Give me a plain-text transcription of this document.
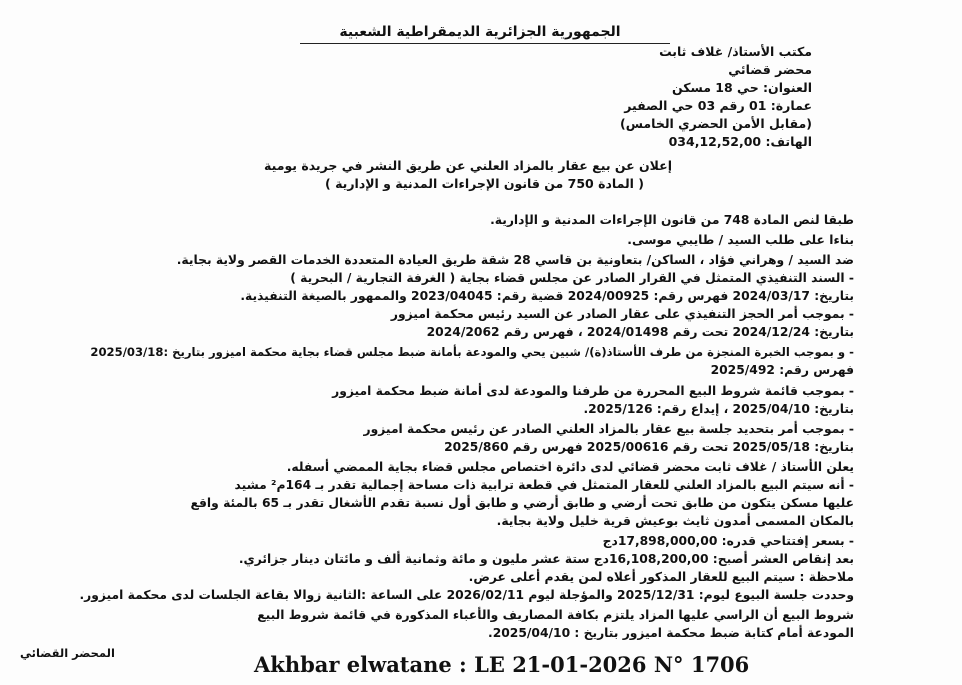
الجمهورية الجزائرية الديمقراطية الشعبية
مكتب الأستاذ/ غلاف ثابت
محضر قضائي
العنوان: حي 18 مسكن
عمارة: 01 رقم 03 حي الصفير
(مقابل الأمن الحضري الخامس)
الهاتف: 034,12,52,00
إعلان عن بيع عقار بالمزاد العلني عن طريق النشر في جريدة يومية
( المادة 750 من قانون الإجراءات المدنية و الإدارية )
طبقا لنص المادة 748 من قانون الإجراءات المدنية و الإدارية.
بناءا على طلب السيد / طايبي موسى.
ضد السيد / وهراني فؤاد ، الساكن/ بتعاونية بن قاسي 28 شقة طريق العيادة المتعددة الخدمات القصر ولاية بجاية.
- السند التنفيذي المتمثل في القرار الصادر عن مجلس قضاء بجاية ( الغرفة التجارية / البحرية )
بتاريخ: 2024/03/17 فهرس رقم: 2024/00925 قضية رقم: 2023/04045 والممهور بالصيغة التنفيذية.
- بموجب أمر الحجز التنفيذي على عقار الصادر عن السيد رئيس محكمة اميزور
بتاريخ: 2024/12/24 تحت رقم 2024/01498 ، فهرس رقم 2024/2062
- و بموجب الخبرة المنجزة من طرف الأستاذ(ة)/ شبين يحي والمودعة بأمانة ضبط مجلس قضاء بجاية محكمة اميزور بتاريخ :2025/03/18
فهرس رقم: 2025/492
- بموجب قائمة شروط البيع المحررة من طرفنا والمودعة لدى أمانة ضبط محكمة اميزور
بتاريخ: 2025/04/10 ، إيداع رقم: 2025/126.
- بموجب أمر بتحديد جلسة بيع عقار بالمزاد العلني الصادر عن رئيس محكمة اميزور
بتاريخ: 2025/05/18 تحت رقم 2025/00616 فهرس رقم 2025/860
يعلن الأستاذ / غلاف ثابت محضر قضائي لدى دائرة اختصاص مجلس قضاء بجاية الممضي أسفله.
- أنه سيتم البيع بالمزاد العلني للعقار المتمثل في قطعة ترابية ذات مساحة إجمالية تقدر بـ 164م² مشيد
عليها مسكن يتكون من طابق تحت أرضي و طابق أرضي و طابق أول نسبة تقدم الأشغال تقدر بـ 65 بالمئة واقع
بالمكان المسمى أمدون ثايث بوعيش قرية خليل ولاية بجاية.
- بسعر إفتتاحي قدره: 17,898,000,00دج
بعد إنقاص العشر أصبح: 16,108,200,00دج ستة عشر مليون و مائة وثمانية ألف و مائتان دينار جزائري.
ملاحظة : سيتم البيع للعقار المذكور أعلاه لمن يقدم أعلى عرض.
وحددت جلسة البيوع ليوم: 2025/12/31 والمؤجلة ليوم 2026/02/11 على الساعة :الثانية زوالا بقاعة الجلسات لدى محكمة اميزور.
شروط البيع أن الراسي عليها المزاد يلتزم بكافة المصاريف والأعباء المذكورة في قائمة شروط البيع
المودعة أمام كتابة ضبط محكمة اميزور بتاريخ : 2025/04/10.
المحضر القضائي	Akhbar elwatane : LE 21-01-2026 N° 1706
